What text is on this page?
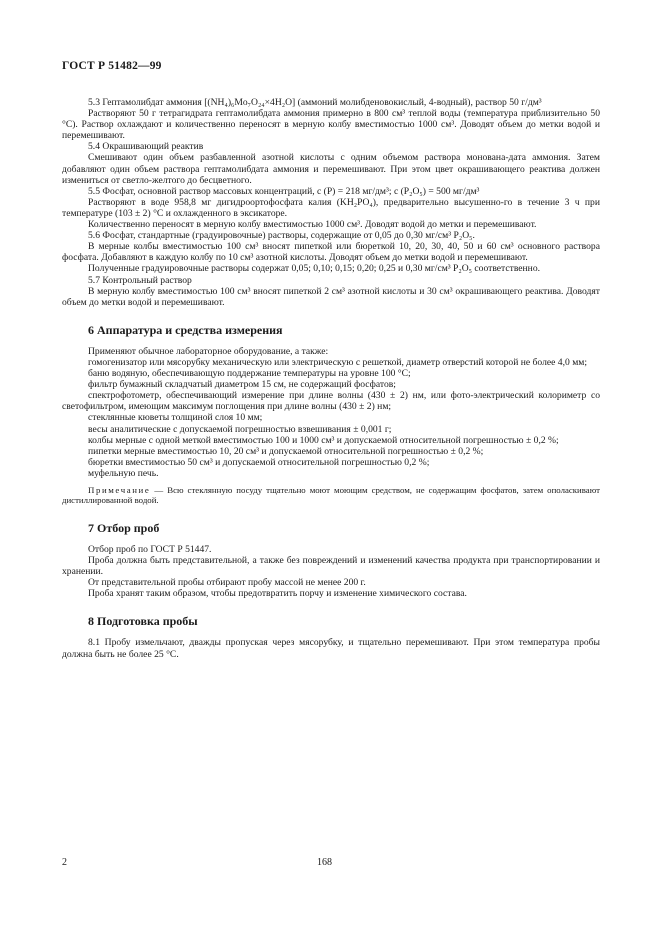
ГОСТ Р 51482—99

5.3 Гептамолибдат аммония [(NH₄)₆Mo₇O₂₄×4H₂O] (аммоний молибденовокислый, 4-водный), раствор 50 г/дм³

Растворяют 50 г тетрагидрата гептамолибдата аммония примерно в 800 см³ теплой воды (температура приблизительно 50 °С). Раствор охлаждают и количественно переносят в мерную колбу вместимостью 1000 см³. Доводят объем до метки водой и перемешивают.

5.4 Окрашивающий реактив

Смешивают один объем разбавленной азотной кислоты с одним объемом раствора монована-дата аммония. Затем добавляют один объем раствора гептамолибдата аммония и перемешивают. При этом цвет окрашивающего реактива должен измениться от светло-желтого до бесцветного.

5.5 Фосфат, основной раствор массовых концентраций, с (Р) = 218 мг/дм³; с (Р₂О₅) = 500 мг/дм³

Растворяют в воде 958,8 мг дигидроортофосфата калия (KH₂PO₄), предварительно высушенно-го в течение 3 ч при температуре (103 ± 2) °С и охлажденного в эксикаторе.

Количественно переносят в мерную колбу вместимостью 1000 см³. Доводят водой до метки и перемешивают.

5.6 Фосфат, стандартные (градуировочные) растворы, содержащие от 0,05 до 0,30 мг/см³ Р₂О₅.

В мерные колбы вместимостью 100 см³ вносят пипеткой или бюреткой 10, 20, 30, 40, 50 и 60 см³ основного раствора фосфата. Добавляют в каждую колбу по 10 см³ азотной кислоты. Доводят объем до метки водой и перемешивают.

Полученные градуировочные растворы содержат 0,05; 0,10; 0,15; 0,20; 0,25 и 0,30 мг/см³ Р₂О₅ соответственно.

5.7 Контрольный раствор

В мерную колбу вместимостью 100 см³ вносят пипеткой 2 см³ азотной кислоты и 30 см³ окрашивающего реактива. Доводят объем до метки водой и перемешивают.

6 Аппаратура и средства измерения

Применяют обычное лабораторное оборудование, а также:

гомогенизатор или мясорубку механическую или электрическую с решеткой, диаметр отверстий которой не более 4,0 мм;

баню водяную, обеспечивающую поддержание температуры на уровне 100 °С;

фильтр бумажный складчатый диаметром 15 см, не содержащий фосфатов;

спектрофотометр, обеспечивающий измерение при длине волны (430 ± 2) нм, или фото-электрический колориметр со светофильтром, имеющим максимум поглощения при длине волны (430 ± 2) нм;

стеклянные кюветы толщиной слоя 10 мм;

весы аналитические с допускаемой погрешностью взвешивания ± 0,001 г;

колбы мерные с одной меткой вместимостью 100 и 1000 см³ и допускаемой относительной погрешностью ± 0,2 %;

пипетки мерные вместимостью 10, 20 см³ и допускаемой относительной погрешностью ± 0,2 %;

бюретки вместимостью 50 см³ и допускаемой относительной погрешностью 0,2 %;

муфельную печь.

Примечание — Всю стеклянную посуду тщательно моют моющим средством, не содержащим фосфатов, затем ополаскивают дистиллированной водой.

7 Отбор проб

Отбор проб по ГОСТ Р 51447.

Проба должна быть представительной, а также без повреждений и изменений качества продукта при транспортировании и хранении.

От представительной пробы отбирают пробу массой не менее 200 г.

Проба хранят таким образом, чтобы предотвратить порчу и изменение химического состава.

8 Подготовка пробы

8.1 Пробу измельчают, дважды пропуская через мясорубку, и тщательно перемешивают. При этом температура пробы должна быть не более 25 °С.

2	168
